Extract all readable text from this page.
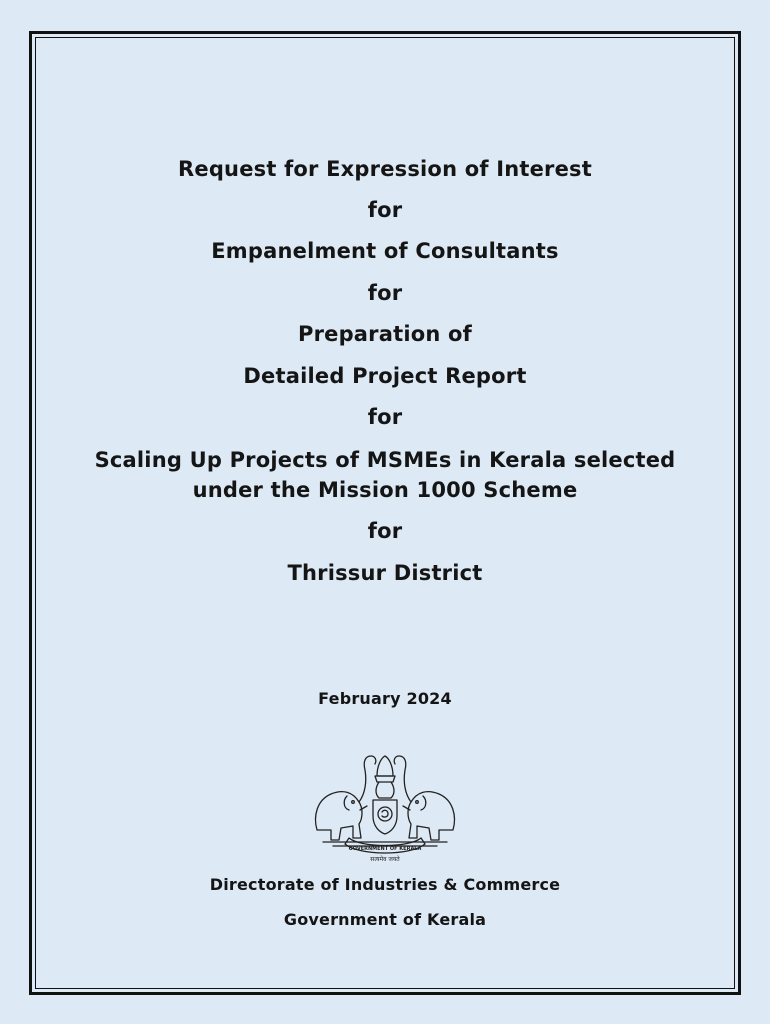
Request for Expression of Interest
for
Empanelment of Consultants
for
Preparation of
Detailed Project Report
for
Scaling Up Projects of MSMEs in Kerala selected
under the Mission 1000 Scheme
for
Thrissur District
February 2024
GOVERNMENT OF KERALA
सत्यमेव जयते
Directorate of Industries & Commerce
Government of Kerala
